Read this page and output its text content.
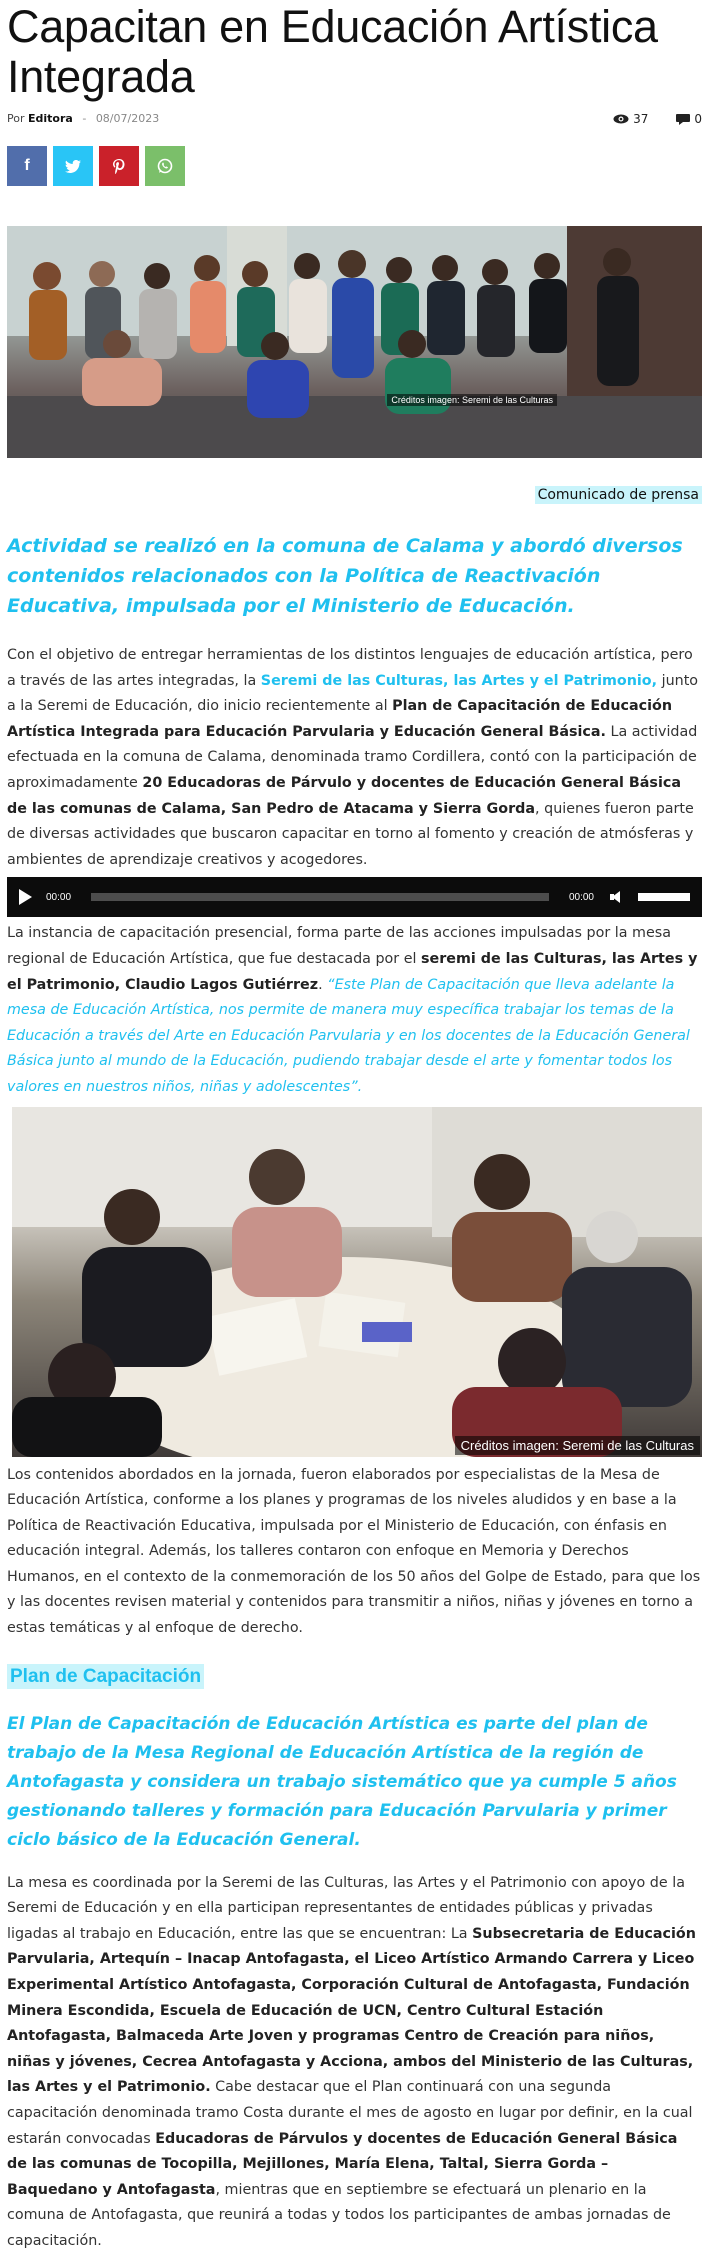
Capacitan en Educación Artística Integrada
Por Editora - 08/07/2023	37	0
f
Créditos imagen: Seremi de las Culturas
Comunicado de prensa
Actividad se realizó en la comuna de Calama y abordó diversos contenidos relacionados con la Política de Reactivación Educativa, impulsada por el Ministerio de Educación.

Con el objetivo de entregar herramientas de los distintos lenguajes de educación artística, pero a través de las artes integradas, la Seremi de las Culturas, las Artes y el Patrimonio, junto a la Seremi de Educación, dio inicio recientemente al Plan de Capacitación de Educación Artística Integrada para Educación Parvularia y Educación General Básica. La actividad efectuada en la comuna de Calama, denominada tramo Cordillera, contó con la participación de aproximadamente 20 Educadoras de Párvulo y docentes de Educación General Básica de las comunas de Calama, San Pedro de Atacama y Sierra Gorda, quienes fueron parte de diversas actividades que buscaron capacitar en torno al fomento y creación de atmósferas y ambientes de aprendizaje creativos y acogedores.

00:00	00:00

La instancia de capacitación presencial, forma parte de las acciones impulsadas por la mesa regional de Educación Artística, que fue destacada por el seremi de las Culturas, las Artes y el Patrimonio, Claudio Lagos Gutiérrez. “Este Plan de Capacitación que lleva adelante la mesa de Educación Artística, nos permite de manera muy específica trabajar los temas de la Educación a través del Arte en Educación Parvularia y en los docentes de la Educación General Básica junto al mundo de la Educación, pudiendo trabajar desde el arte y fomentar todos los valores en nuestros niños, niñas y adolescentes”.

Créditos imagen: Seremi de las Culturas

Los contenidos abordados en la jornada, fueron elaborados por especialistas de la Mesa de Educación Artística, conforme a los planes y programas de los niveles aludidos y en base a la Política de Reactivación Educativa, impulsada por el Ministerio de Educación, con énfasis en educación integral. Además, los talleres contaron con enfoque en Memoria y Derechos Humanos, en el contexto de la conmemoración de los 50 años del Golpe de Estado, para que los y las docentes revisen material y contenidos para transmitir a niños, niñas y jóvenes en torno a estas temáticas y al enfoque de derecho.

Plan de Capacitación
El Plan de Capacitación de Educación Artística es parte del plan de trabajo de la Mesa Regional de Educación Artística de la región de Antofagasta y considera un trabajo sistemático que ya cumple 5 años gestionando talleres y formación para Educación Parvularia y primer ciclo básico de la Educación General.

La mesa es coordinada por la Seremi de las Culturas, las Artes y el Patrimonio con apoyo de la Seremi de Educación y en ella participan representantes de entidades públicas y privadas ligadas al trabajo en Educación, entre las que se encuentran: La Subsecretaria de Educación Parvularia, Artequín – Inacap Antofagasta, el Liceo Artístico Armando Carrera y Liceo Experimental Artístico Antofagasta, Corporación Cultural de Antofagasta, Fundación Minera Escondida, Escuela de Educación de UCN, Centro Cultural Estación Antofagasta, Balmaceda Arte Joven y programas Centro de Creación para niños, niñas y jóvenes, Cecrea Antofagasta y Acciona, ambos del Ministerio de las Culturas, las Artes y el Patrimonio. Cabe destacar que el Plan continuará con una segunda capacitación denominada tramo Costa durante el mes de agosto en lugar por definir, en la cual estarán convocadas Educadoras de Párvulos y docentes de Educación General Básica de las comunas de Tocopilla, Mejillones, María Elena, Taltal, Sierra Gorda – Baquedano y Antofagasta, mientras que en septiembre se efectuará un plenario en la comuna de Antofagasta, que reunirá a todas y todos los participantes de ambas jornadas de capacitación.
